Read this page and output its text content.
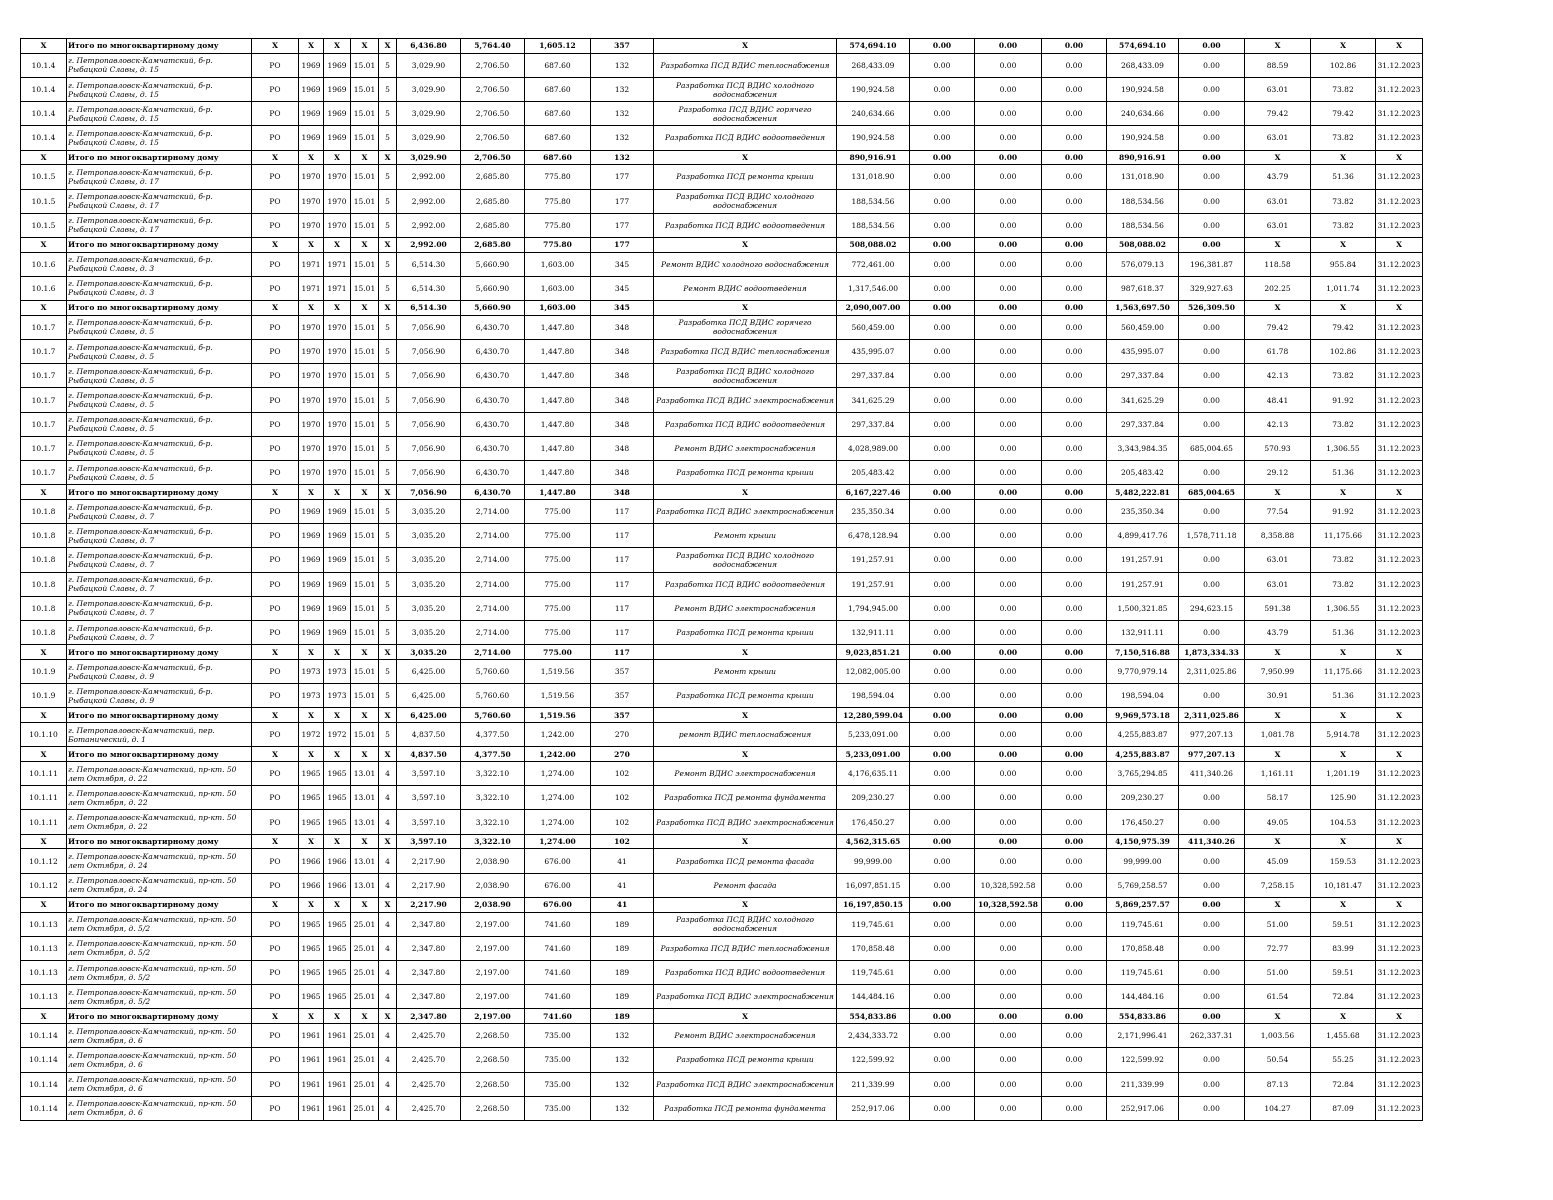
X	Итого по многоквартирному дому	X	X	X	X	X	6,436.80	5,764.40	1,605.12	357	X	574,694.10	0.00	0.00	0.00	574,694.10	0.00	X	X	X
10.1.4	г. Петропавловск-Камчатский, б-р. Рыбацкой Славы, д. 15	РО	1969	1969	15.01	5	3,029.90	2,706.50	687.60	132	Разработка ПСД ВДИС теплоснабжения	268,433.09	0.00	0.00	0.00	268,433.09	0.00	88.59	102.86	31.12.2023
10.1.4	г. Петропавловск-Камчатский, б-р. Рыбацкой Славы, д. 15	РО	1969	1969	15.01	5	3,029.90	2,706.50	687.60	132	Разработка ПСД ВДИС холодного водоснабжения	190,924.58	0.00	0.00	0.00	190,924.58	0.00	63.01	73.82	31.12.2023
10.1.4	г. Петропавловск-Камчатский, б-р. Рыбацкой Славы, д. 15	РО	1969	1969	15.01	5	3,029.90	2,706.50	687.60	132	Разработка ПСД ВДИС горячего водоснабжения	240,634.66	0.00	0.00	0.00	240,634.66	0.00	79.42	79.42	31.12.2023
10.1.4	г. Петропавловск-Камчатский, б-р. Рыбацкой Славы, д. 15	РО	1969	1969	15.01	5	3,029.90	2,706.50	687.60	132	Разработка ПСД ВДИС водоотведения	190,924.58	0.00	0.00	0.00	190,924.58	0.00	63.01	73.82	31.12.2023
X	Итого по многоквартирному дому	X	X	X	X	X	3,029.90	2,706.50	687.60	132	X	890,916.91	0.00	0.00	0.00	890,916.91	0.00	X	X	X
10.1.5	г. Петропавловск-Камчатский, б-р. Рыбацкой Славы, д. 17	РО	1970	1970	15.01	5	2,992.00	2,685.80	775.80	177	Разработка ПСД ремонта крыши	131,018.90	0.00	0.00	0.00	131,018.90	0.00	43.79	51.36	31.12.2023
10.1.5	г. Петропавловск-Камчатский, б-р. Рыбацкой Славы, д. 17	РО	1970	1970	15.01	5	2,992.00	2,685.80	775.80	177	Разработка ПСД ВДИС холодного водоснабжения	188,534.56	0.00	0.00	0.00	188,534.56	0.00	63.01	73.82	31.12.2023
10.1.5	г. Петропавловск-Камчатский, б-р. Рыбацкой Славы, д. 17	РО	1970	1970	15.01	5	2,992.00	2,685.80	775.80	177	Разработка ПСД ВДИС водоотведения	188,534.56	0.00	0.00	0.00	188,534.56	0.00	63.01	73.82	31.12.2023
X	Итого по многоквартирному дому	X	X	X	X	X	2,992.00	2,685.80	775.80	177	X	508,088.02	0.00	0.00	0.00	508,088.02	0.00	X	X	X
10.1.6	г. Петропавловск-Камчатский, б-р. Рыбацкой Славы, д. 3	РО	1971	1971	15.01	5	6,514.30	5,660.90	1,603.00	345	Ремонт ВДИС холодного водоснабжения	772,461.00	0.00	0.00	0.00	576,079.13	196,381.87	118.58	955.84	31.12.2023
10.1.6	г. Петропавловск-Камчатский, б-р. Рыбацкой Славы, д. 3	РО	1971	1971	15.01	5	6,514.30	5,660.90	1,603.00	345	Ремонт ВДИС водоотведения	1,317,546.00	0.00	0.00	0.00	987,618.37	329,927.63	202.25	1,011.74	31.12.2023
X	Итого по многоквартирному дому	X	X	X	X	X	6,514.30	5,660.90	1,603.00	345	X	2,090,007.00	0.00	0.00	0.00	1,563,697.50	526,309.50	X	X	X
10.1.7	г. Петропавловск-Камчатский, б-р. Рыбацкой Славы, д. 5	РО	1970	1970	15.01	5	7,056.90	6,430.70	1,447.80	348	Разработка ПСД ВДИС горячего водоснабжения	560,459.00	0.00	0.00	0.00	560,459.00	0.00	79.42	79.42	31.12.2023
10.1.7	г. Петропавловск-Камчатский, б-р. Рыбацкой Славы, д. 5	РО	1970	1970	15.01	5	7,056.90	6,430.70	1,447.80	348	Разработка ПСД ВДИС теплоснабжения	435,995.07	0.00	0.00	0.00	435,995.07	0.00	61.78	102.86	31.12.2023
10.1.7	г. Петропавловск-Камчатский, б-р. Рыбацкой Славы, д. 5	РО	1970	1970	15.01	5	7,056.90	6,430.70	1,447.80	348	Разработка ПСД ВДИС холодного водоснабжения	297,337.84	0.00	0.00	0.00	297,337.84	0.00	42.13	73.82	31.12.2023
10.1.7	г. Петропавловск-Камчатский, б-р. Рыбацкой Славы, д. 5	РО	1970	1970	15.01	5	7,056.90	6,430.70	1,447.80	348	Разработка ПСД ВДИС электроснабжения	341,625.29	0.00	0.00	0.00	341,625.29	0.00	48.41	91.92	31.12.2023
10.1.7	г. Петропавловск-Камчатский, б-р. Рыбацкой Славы, д. 5	РО	1970	1970	15.01	5	7,056.90	6,430.70	1,447.80	348	Разработка ПСД ВДИС водоотведения	297,337.84	0.00	0.00	0.00	297,337.84	0.00	42.13	73.82	31.12.2023
10.1.7	г. Петропавловск-Камчатский, б-р. Рыбацкой Славы, д. 5	РО	1970	1970	15.01	5	7,056.90	6,430.70	1,447.80	348	Ремонт ВДИС электроснабжения	4,028,989.00	0.00	0.00	0.00	3,343,984.35	685,004.65	570.93	1,306.55	31.12.2023
10.1.7	г. Петропавловск-Камчатский, б-р. Рыбацкой Славы, д. 5	РО	1970	1970	15.01	5	7,056.90	6,430.70	1,447.80	348	Разработка ПСД ремонта крыши	205,483.42	0.00	0.00	0.00	205,483.42	0.00	29.12	51.36	31.12.2023
X	Итого по многоквартирному дому	X	X	X	X	X	7,056.90	6,430.70	1,447.80	348	X	6,167,227.46	0.00	0.00	0.00	5,482,222.81	685,004.65	X	X	X
10.1.8	г. Петропавловск-Камчатский, б-р. Рыбацкой Славы, д. 7	РО	1969	1969	15.01	5	3,035.20	2,714.00	775.00	117	Разработка ПСД ВДИС электроснабжения	235,350.34	0.00	0.00	0.00	235,350.34	0.00	77.54	91.92	31.12.2023
10.1.8	г. Петропавловск-Камчатский, б-р. Рыбацкой Славы, д. 7	РО	1969	1969	15.01	5	3,035.20	2,714.00	775.00	117	Ремонт крыши	6,478,128.94	0.00	0.00	0.00	4,899,417.76	1,578,711.18	8,358.88	11,175.66	31.12.2023
10.1.8	г. Петропавловск-Камчатский, б-р. Рыбацкой Славы, д. 7	РО	1969	1969	15.01	5	3,035.20	2,714.00	775.00	117	Разработка ПСД ВДИС холодного водоснабжения	191,257.91	0.00	0.00	0.00	191,257.91	0.00	63.01	73.82	31.12.2023
10.1.8	г. Петропавловск-Камчатский, б-р. Рыбацкой Славы, д. 7	РО	1969	1969	15.01	5	3,035.20	2,714.00	775.00	117	Разработка ПСД ВДИС водоотведения	191,257.91	0.00	0.00	0.00	191,257.91	0.00	63.01	73.82	31.12.2023
10.1.8	г. Петропавловск-Камчатский, б-р. Рыбацкой Славы, д. 7	РО	1969	1969	15.01	5	3,035.20	2,714.00	775.00	117	Ремонт ВДИС электроснабжения	1,794,945.00	0.00	0.00	0.00	1,500,321.85	294,623.15	591.38	1,306.55	31.12.2023
10.1.8	г. Петропавловск-Камчатский, б-р. Рыбацкой Славы, д. 7	РО	1969	1969	15.01	5	3,035.20	2,714.00	775.00	117	Разработка ПСД ремонта крыши	132,911.11	0.00	0.00	0.00	132,911.11	0.00	43.79	51.36	31.12.2023
X	Итого по многоквартирному дому	X	X	X	X	X	3,035.20	2,714.00	775.00	117	X	9,023,851.21	0.00	0.00	0.00	7,150,516.88	1,873,334.33	X	X	X
10.1.9	г. Петропавловск-Камчатский, б-р. Рыбацкой Славы, д. 9	РО	1973	1973	15.01	5	6,425.00	5,760.60	1,519.56	357	Ремонт крыши	12,082,005.00	0.00	0.00	0.00	9,770,979.14	2,311,025.86	7,950.99	11,175.66	31.12.2023
10.1.9	г. Петропавловск-Камчатский, б-р. Рыбацкой Славы, д. 9	РО	1973	1973	15.01	5	6,425.00	5,760.60	1,519.56	357	Разработка ПСД ремонта крыши	198,594.04	0.00	0.00	0.00	198,594.04	0.00	30.91	51.36	31.12.2023
X	Итого по многоквартирному дому	X	X	X	X	X	6,425.00	5,760.60	1,519.56	357	X	12,280,599.04	0.00	0.00	0.00	9,969,573.18	2,311,025.86	X	X	X
10.1.10	г. Петропавловск-Камчатский, пер. Ботанический, д. 1	РО	1972	1972	15.01	5	4,837.50	4,377.50	1,242.00	270	ремонт ВДИС теплоснабжения	5,233,091.00	0.00	0.00	0.00	4,255,883.87	977,207.13	1,081.78	5,914.78	31.12.2023
X	Итого по многоквартирному дому	X	X	X	X	X	4,837.50	4,377.50	1,242.00	270	X	5,233,091.00	0.00	0.00	0.00	4,255,883.87	977,207.13	X	X	X
10.1.11	г. Петропавловск-Камчатский, пр-кт. 50 лет Октября, д. 22	РО	1965	1965	13.01	4	3,597.10	3,322.10	1,274.00	102	Ремонт ВДИС электроснабжения	4,176,635.11	0.00	0.00	0.00	3,765,294.85	411,340.26	1,161.11	1,201.19	31.12.2023
10.1.11	г. Петропавловск-Камчатский, пр-кт. 50 лет Октября, д. 22	РО	1965	1965	13.01	4	3,597.10	3,322.10	1,274.00	102	Разработка ПСД ремонта фундамента	209,230.27	0.00	0.00	0.00	209,230.27	0.00	58.17	125.90	31.12.2023
10.1.11	г. Петропавловск-Камчатский, пр-кт. 50 лет Октября, д. 22	РО	1965	1965	13.01	4	3,597.10	3,322.10	1,274.00	102	Разработка ПСД ВДИС электроснабжения	176,450.27	0.00	0.00	0.00	176,450.27	0.00	49.05	104.53	31.12.2023
X	Итого по многоквартирному дому	X	X	X	X	X	3,597.10	3,322.10	1,274.00	102	X	4,562,315.65	0.00	0.00	0.00	4,150,975.39	411,340.26	X	X	X
10.1.12	г. Петропавловск-Камчатский, пр-кт. 50 лет Октября, д. 24	РО	1966	1966	13.01	4	2,217.90	2,038.90	676.00	41	Разработка ПСД ремонта фасада	99,999.00	0.00	0.00	0.00	99,999.00	0.00	45.09	159.53	31.12.2023
10.1.12	г. Петропавловск-Камчатский, пр-кт. 50 лет Октября, д. 24	РО	1966	1966	13.01	4	2,217.90	2,038.90	676.00	41	Ремонт фасада	16,097,851.15	0.00	10,328,592.58	0.00	5,769,258.57	0.00	7,258.15	10,181.47	31.12.2023
X	Итого по многоквартирному дому	X	X	X	X	X	2,217.90	2,038.90	676.00	41	X	16,197,850.15	0.00	10,328,592.58	0.00	5,869,257.57	0.00	X	X	X
10.1.13	г. Петропавловск-Камчатский, пр-кт. 50 лет Октября, д. 5/2	РО	1965	1965	25.01	4	2,347.80	2,197.00	741.60	189	Разработка ПСД ВДИС холодного водоснабжения	119,745.61	0.00	0.00	0.00	119,745.61	0.00	51.00	59.51	31.12.2023
10.1.13	г. Петропавловск-Камчатский, пр-кт. 50 лет Октября, д. 5/2	РО	1965	1965	25.01	4	2,347.80	2,197.00	741.60	189	Разработка ПСД ВДИС теплоснабжения	170,858.48	0.00	0.00	0.00	170,858.48	0.00	72.77	83.99	31.12.2023
10.1.13	г. Петропавловск-Камчатский, пр-кт. 50 лет Октября, д. 5/2	РО	1965	1965	25.01	4	2,347.80	2,197.00	741.60	189	Разработка ПСД ВДИС водоотведения	119,745.61	0.00	0.00	0.00	119,745.61	0.00	51.00	59.51	31.12.2023
10.1.13	г. Петропавловск-Камчатский, пр-кт. 50 лет Октября, д. 5/2	РО	1965	1965	25.01	4	2,347.80	2,197.00	741.60	189	Разработка ПСД ВДИС электроснабжения	144,484.16	0.00	0.00	0.00	144,484.16	0.00	61.54	72.84	31.12.2023
X	Итого по многоквартирному дому	X	X	X	X	X	2,347.80	2,197.00	741.60	189	X	554,833.86	0.00	0.00	0.00	554,833.86	0.00	X	X	X
10.1.14	г. Петропавловск-Камчатский, пр-кт. 50 лет Октября, д. 6	РО	1961	1961	25.01	4	2,425.70	2,268.50	735.00	132	Ремонт ВДИС электроснабжения	2,434,333.72	0.00	0.00	0.00	2,171,996.41	262,337.31	1,003.56	1,455.68	31.12.2023
10.1.14	г. Петропавловск-Камчатский, пр-кт. 50 лет Октября, д. 6	РО	1961	1961	25.01	4	2,425.70	2,268.50	735.00	132	Разработка ПСД ремонта крыши	122,599.92	0.00	0.00	0.00	122,599.92	0.00	50.54	55.25	31.12.2023
10.1.14	г. Петропавловск-Камчатский, пр-кт. 50 лет Октября, д. 6	РО	1961	1961	25.01	4	2,425.70	2,268.50	735.00	132	Разработка ПСД ВДИС электроснабжения	211,339.99	0.00	0.00	0.00	211,339.99	0.00	87.13	72.84	31.12.2023
10.1.14	г. Петропавловск-Камчатский, пр-кт. 50 лет Октября, д. 6	РО	1961	1961	25.01	4	2,425.70	2,268.50	735.00	132	Разработка ПСД ремонта фундамента	252,917.06	0.00	0.00	0.00	252,917.06	0.00	104.27	87.09	31.12.2023
